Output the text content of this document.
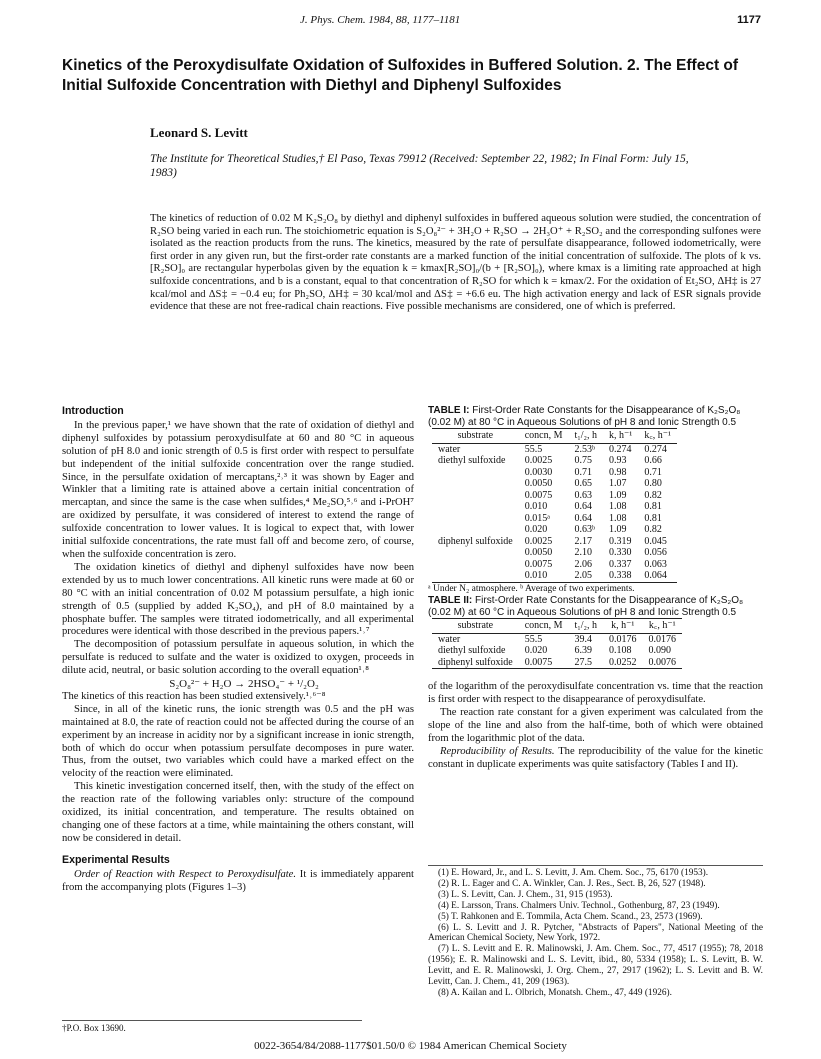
J. Phys. Chem. 1984, 88, 1177–1181	1177
Kinetics of the Peroxydisulfate Oxidation of Sulfoxides in Buffered Solution. 2. The Effect of Initial Sulfoxide Concentration with Diethyl and Diphenyl Sulfoxides

Leonard S. Levitt

The Institute for Theoretical Studies,† El Paso, Texas 79912 (Received: September 22, 1982; In Final Form: July 15, 1983)

The kinetics of reduction of 0.02 M K₂S₂O₈ by diethyl and diphenyl sulfoxides in buffered aqueous solution were studied, the concentration of R₂SO being varied in each run. The stoichiometric equation is S₂O₈²⁻ + 3H₂O + R₂SO → 2H₃O⁺ + R₂SO₂ and the corresponding sulfones were isolated as the reaction products from the runs. The kinetics, measured by the rate of persulfate disappearance, followed iodometrically, were first order in any given run, but the first-order rate constants are a marked function of the initial concentration of sulfoxide. The plots of k vs. [R₂SO]₀ are rectangular hyperbolas given by the equation k = kmax[R₂SO]₀/(b + [R₂SO]₀), where kmax is a limiting rate approached at high sulfoxide concentrations, and b is a constant, equal to that concentration of R₂SO for which k = kmax/2. For the oxidation of Et₂SO, ΔH‡ is 27 kcal/mol and ΔS‡ = −0.4 eu; for Ph₂SO, ΔH‡ = 30 kcal/mol and ΔS‡ = +6.6 eu. The high activation energy and lack of ESR signals provide evidence that these are not free-radical chain reactions. Five possible mechanisms are considered, one of which is preferred.

Introduction

In the previous paper,¹ we have shown that the rate of oxidation of diethyl and diphenyl sulfoxides by potassium peroxydisulfate at 60 and 80 °C in aqueous solution of pH 8.0 and ionic strength of 0.5 is first order with respect to persulfate but independent of the initial sulfoxide concentration over the range studied. Since, in the persulfate oxidation of mercaptans,²˒³ it was shown by Eager and Winkler that a limiting rate is attained above a certain initial concentration of mercaptan, and since the same is the case when sulfides,⁴ Me₂SO,⁵˒⁶ and i-PrOH⁷ are oxidized by persulfate, it was considered of interest to extend the range of sulfoxide concentration to lower values. It is logical to expect that, with lower initial sulfoxide concentrations, the rate must fall off and become zero, of course, when the sulfoxide concentration is zero.

The oxidation kinetics of diethyl and diphenyl sulfoxides have now been extended by us to much lower concentrations. All kinetic runs were made at 60 or 80 °C with an initial concentration of 0.02 M potassium persulfate, a high ionic strength of 0.5 (supplied by added K₂SO₄), and pH of 8.0 maintained by a phosphate buffer. The samples were titrated iodometrically, and all experimental procedures were identical with those described in the previous papers.¹˒⁷

The decomposition of potassium persulfate in aqueous solution, in which the persulfate is reduced to sulfate and the water is oxidized to oxygen, proceeds in dilute acid, neutral, or basic solution according to the overall equation¹˒⁸

S₂O₈²⁻ + H₂O → 2HSO₄⁻ + ¹/₂O₂

The kinetics of this reaction has been studied extensively.¹˒⁶⁻⁸

Since, in all of the kinetic runs, the ionic strength was 0.5 and the pH was maintained at 8.0, the rate of reaction could not be affected during the course of an experiment by an increase in acidity nor by a significant increase in ionic strength, both of which do occur when potassium persulfate decomposes in pure water. Thus, from the outset, two variables which could have a marked effect on the velocity of the reaction were eliminated.

This kinetic investigation concerned itself, then, with the study of the effect on the reaction rate of the following variables only: structure of the compound oxidized, its initial concentration, and temperature. The results obtained on changing one of these factors at a time, while maintaining the others constant, will now be considered in detail.

Experimental Results

Order of Reaction with Respect to Peroxydisulfate. It is immediately apparent from the accompanying plots (Figures 1–3)

†P.O. Box 13690.

TABLE I: First-Order Rate Constants for the Disappearance of K₂S₂O₈ (0.02 M) at 80 °C in Aqueous Solutions of pH 8 and Ionic Strength 0.5

substrate	concn, M	t₁/₂, h	k, h⁻¹	k꜀, h⁻¹
water	55.5	2.53ᵇ	0.274	0.274
diethyl sulfoxide	0.0025	0.75	0.93	0.66
	0.0030	0.71	0.98	0.71
	0.0050	0.65	1.07	0.80
	0.0075	0.63	1.09	0.82
	0.010	0.64	1.08	0.81
	0.015ᵃ	0.64	1.08	0.81
	0.020	0.63ᵇ	1.09	0.82
diphenyl sulfoxide	0.0025	2.17	0.319	0.045
	0.0050	2.10	0.330	0.056
	0.0075	2.06	0.337	0.063
	0.010	2.05	0.338	0.064

ᵃ Under N₂ atmosphere. ᵇ Average of two experiments.

TABLE II: First-Order Rate Constants for the Disappearance of K₂S₂O₈ (0.02 M) at 60 °C in Aqueous Solutions of pH 8 and Ionic Strength 0.5

substrate	concn, M	t₁/₂, h	k, h⁻¹	k꜀, h⁻¹
water	55.5	39.4	0.0176	0.0176
diethyl sulfoxide	0.020	6.39	0.108	0.090
diphenyl sulfoxide	0.0075	27.5	0.0252	0.0076

of the logarithm of the peroxydisulfate concentration vs. time that the reaction is first order with respect to the disappearance of peroxydisulfate.

The reaction rate constant for a given experiment was calculated from the slope of the line and also from the half-time, both of which were obtained from the logarithmic plot of the data.

Reproducibility of Results. The reproducibility of the value for the kinetic constant in duplicate experiments was quite satisfactory (Tables I and II).

(1) E. Howard, Jr., and L. S. Levitt, J. Am. Chem. Soc., 75, 6170 (1953).

(2) R. L. Eager and C. A. Winkler, Can. J. Res., Sect. B, 26, 527 (1948).

(3) L. S. Levitt, Can. J. Chem., 31, 915 (1953).

(4) E. Larsson, Trans. Chalmers Univ. Technol., Gothenburg, 87, 23 (1949).

(5) T. Rahkonen and E. Tommila, Acta Chem. Scand., 23, 2573 (1969).

(6) L. S. Levitt and J. R. Pytcher, "Abstracts of Papers", National Meeting of the American Chemical Society, New York, 1972.

(7) L. S. Levitt and E. R. Malinowski, J. Am. Chem. Soc., 77, 4517 (1955); 78, 2018 (1956); E. R. Malinowski and L. S. Levitt, ibid., 80, 5334 (1958); L. S. Levitt, B. W. Levitt, and E. R. Malinowski, J. Org. Chem., 27, 2917 (1962); L. S. Levitt and B. W. Levitt, Can. J. Chem., 41, 209 (1963).

(8) A. Kailan and L. Olbrich, Monatsh. Chem., 47, 449 (1926).

0022-3654/84/2088-1177$01.50/0 © 1984 American Chemical Society
